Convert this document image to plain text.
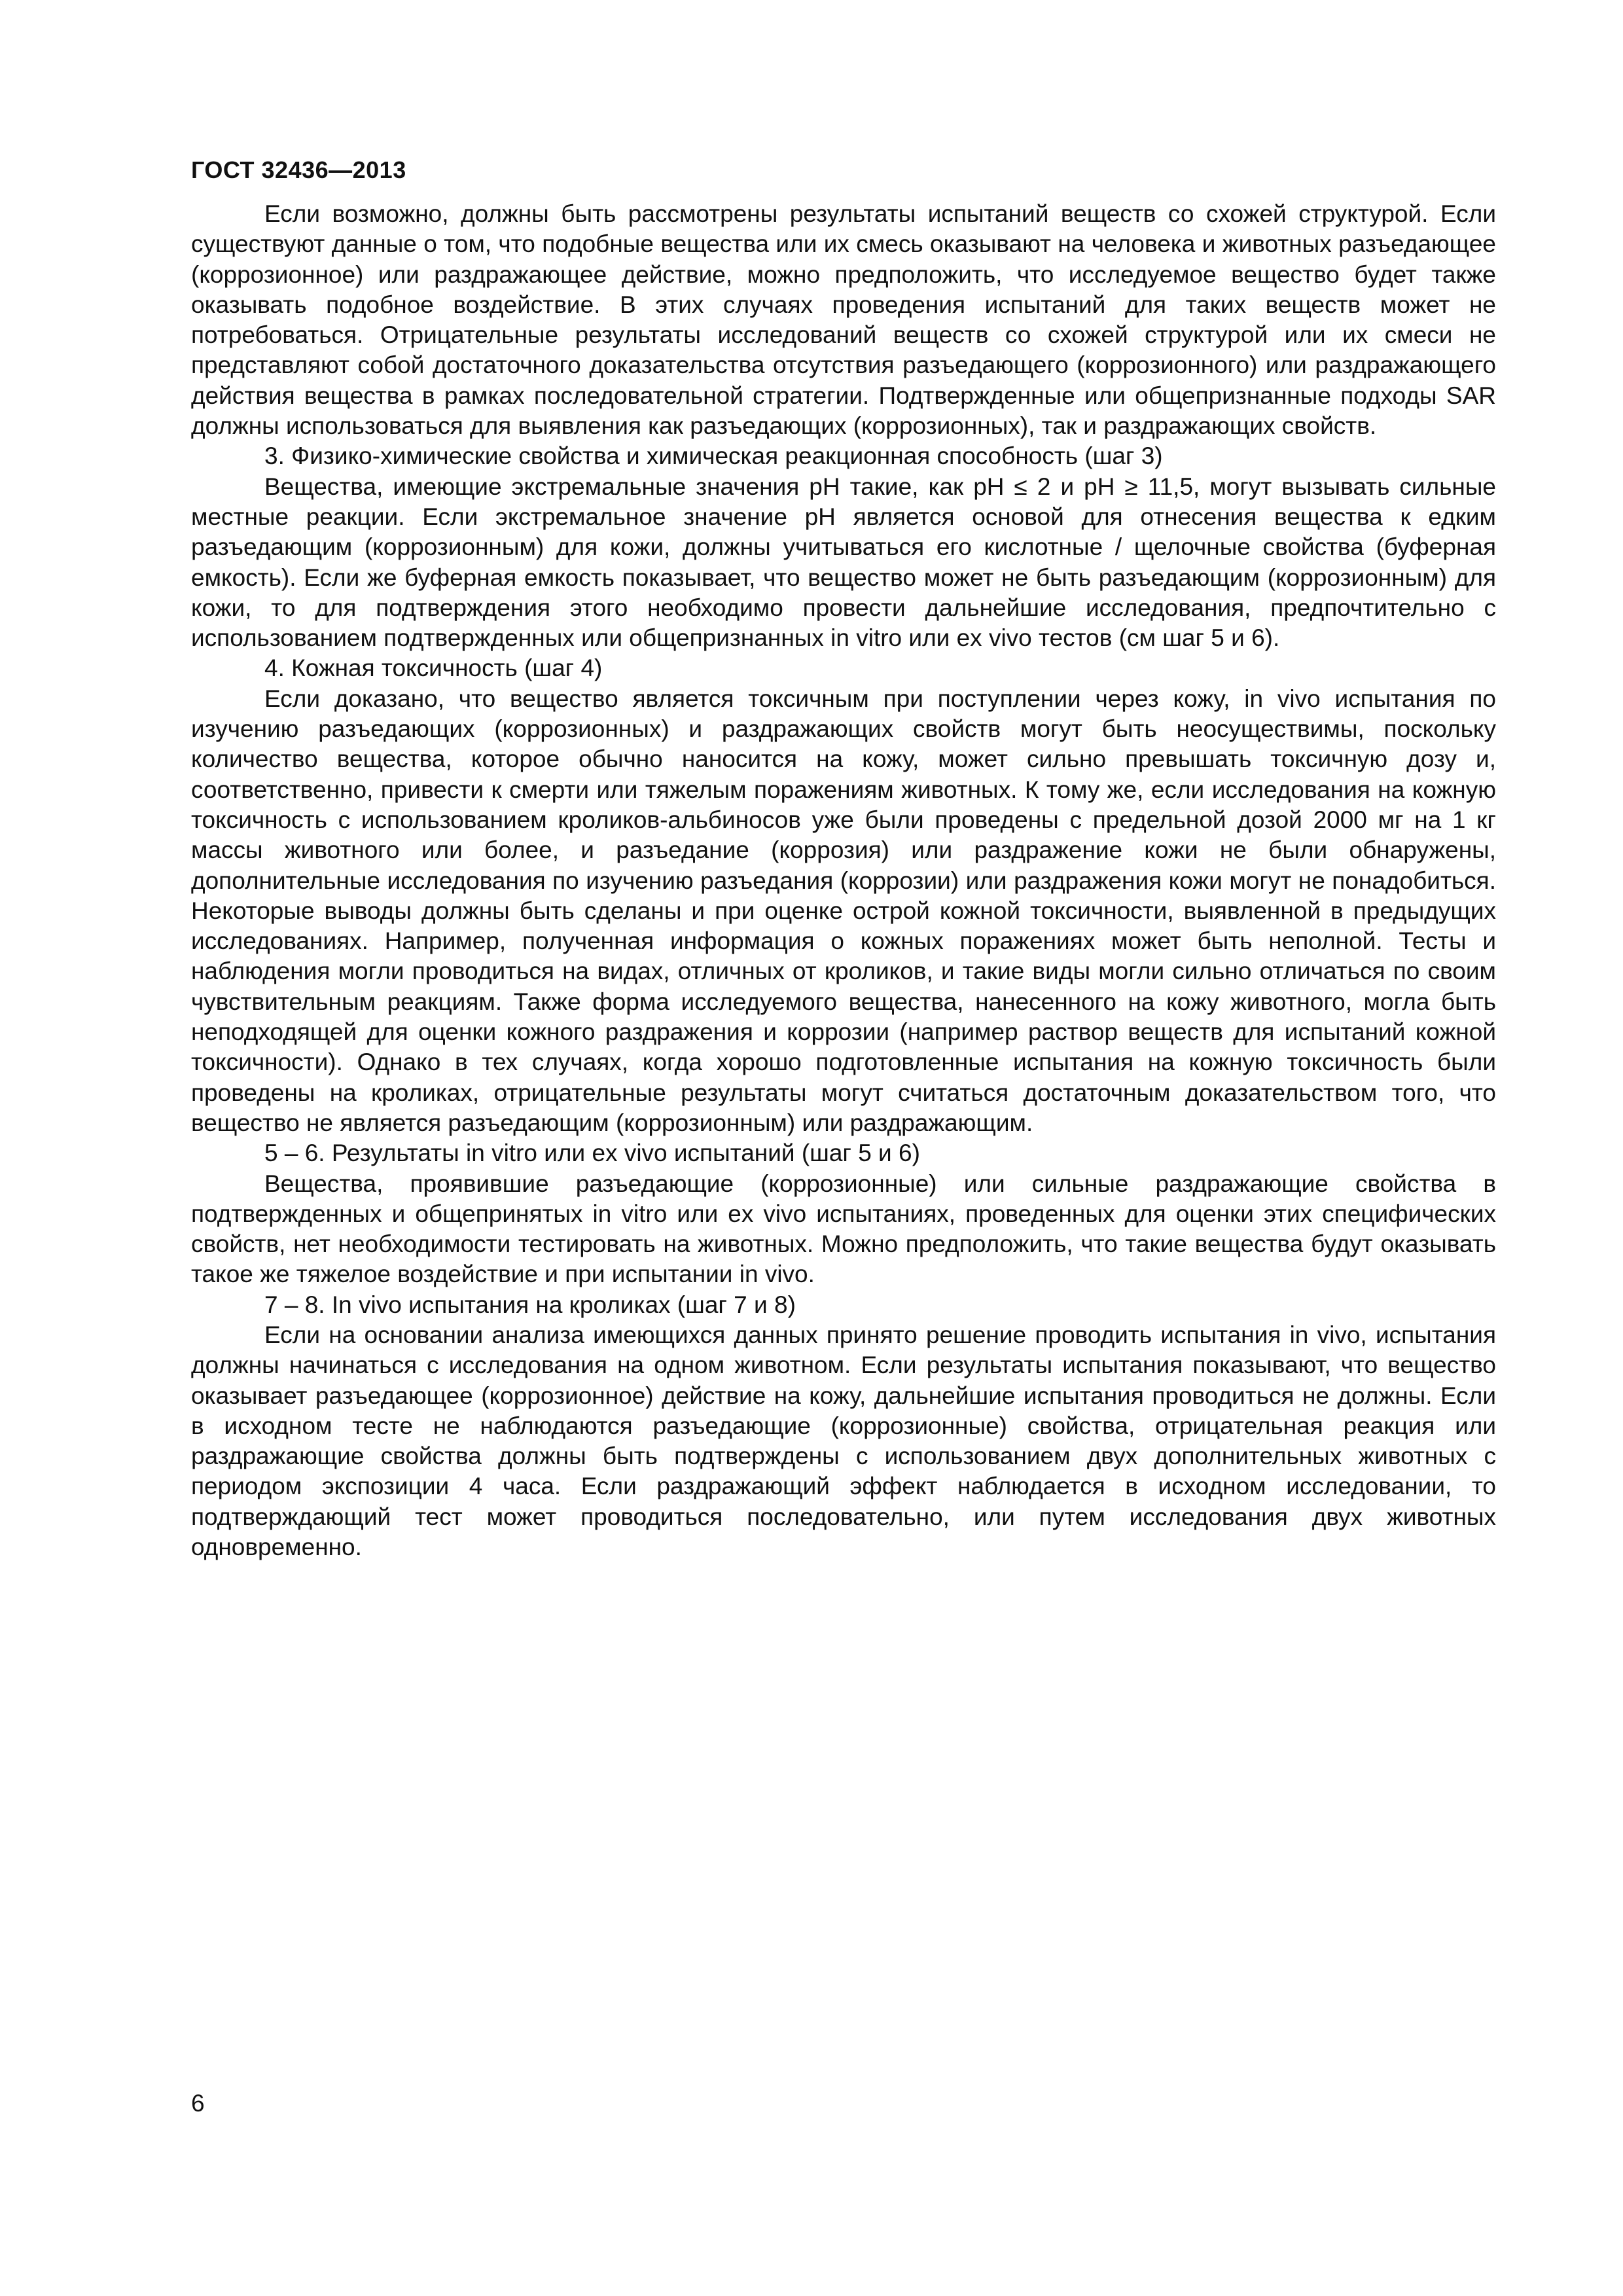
ГОСТ 32436—2013

Если возможно, должны быть рассмотрены результаты испытаний веществ со схожей структурой. Если существуют данные о том, что подобные вещества или их смесь оказывают на человека и животных разъедающее (коррозионное) или раздражающее действие, можно предположить, что исследуемое вещество будет также оказывать подобное воздействие. В этих случаях проведения испытаний для таких веществ может не потребоваться. Отрицательные результаты исследований веществ со схожей структурой или их смеси не представляют собой достаточного доказательства отсутствия разъедающего (коррозионного) или раздражающего действия вещества в рамках последовательной стратегии. Подтвержденные или общепризнанные подходы SAR должны использоваться для выявления как разъедающих (коррозионных), так и раздражающих свойств.

3. Физико-химические свойства и химическая реакционная способность (шаг 3)

Вещества, имеющие экстремальные значения pH такие, как pH ≤ 2 и pH ≥ 11,5, могут вызывать сильные местные реакции. Если экстремальное значение pH является основой для отнесения вещества к едким разъедающим (коррозионным) для кожи, должны учитываться его кислотные / щелочные свойства (буферная емкость). Если же буферная емкость показывает, что вещество может не быть разъедающим (коррозионным) для кожи, то для подтверждения этого необходимо провести дальнейшие исследования, предпочтительно с использованием подтвержденных или общепризнанных in vitro или ex vivo тестов (см шаг 5 и 6).

4. Кожная токсичность (шаг 4)

Если доказано, что вещество является токсичным при поступлении через кожу, in vivo испытания по изучению разъедающих (коррозионных) и раздражающих свойств могут быть неосуществимы, поскольку количество вещества, которое обычно наносится на кожу, может сильно превышать токсичную дозу и, соответственно, привести к смерти или тяжелым поражениям животных. К тому же, если исследования на кожную токсичность с использованием кроликов-альбиносов уже были проведены с предельной дозой 2000 мг на 1 кг массы животного или более, и разъедание (коррозия) или раздражение кожи не были обнаружены, дополнительные исследования по изучению разъедания (коррозии) или раздражения кожи могут не понадобиться. Некоторые выводы должны быть сделаны и при оценке острой кожной токсичности, выявленной в предыдущих исследованиях. Например, полученная информация о кожных поражениях может быть неполной. Тесты и наблюдения могли проводиться на видах, отличных от кроликов, и такие виды могли сильно отличаться по своим чувствительным реакциям. Также форма исследуемого вещества, нанесенного на кожу животного, могла быть неподходящей для оценки кожного раздражения и коррозии (например раствор веществ для испытаний кожной токсичности). Однако в тех случаях, когда хорошо подготовленные испытания на кожную токсичность были проведены на кроликах, отрицательные результаты могут считаться достаточным доказательством того, что вещество не является разъедающим (коррозионным) или раздражающим.

5 – 6. Результаты in vitro или ex vivo испытаний (шаг 5 и 6)

Вещества, проявившие разъедающие (коррозионные) или сильные раздражающие свойства в подтвержденных и общепринятых in vitro или ex vivo испытаниях, проведенных для оценки этих специфических свойств, нет необходимости тестировать на животных. Можно предположить, что такие вещества будут оказывать такое же тяжелое воздействие и при испытании in vivo.

7 – 8. In vivo испытания на кроликах (шаг 7 и 8)

Если на основании анализа имеющихся данных принято решение проводить испытания in vivo, испытания должны начинаться с исследования на одном животном. Если результаты испытания показывают, что вещество оказывает разъедающее (коррозионное) действие на кожу, дальнейшие испытания проводиться не должны. Если в исходном тесте не наблюдаются разъедающие (коррозионные) свойства, отрицательная реакция или раздражающие свойства должны быть подтверждены с использованием двух дополнительных животных с периодом экспозиции 4 часа. Если раздражающий эффект наблюдается в исходном исследовании, то подтверждающий тест может проводиться последовательно, или путем исследования двух животных одновременно.

6
